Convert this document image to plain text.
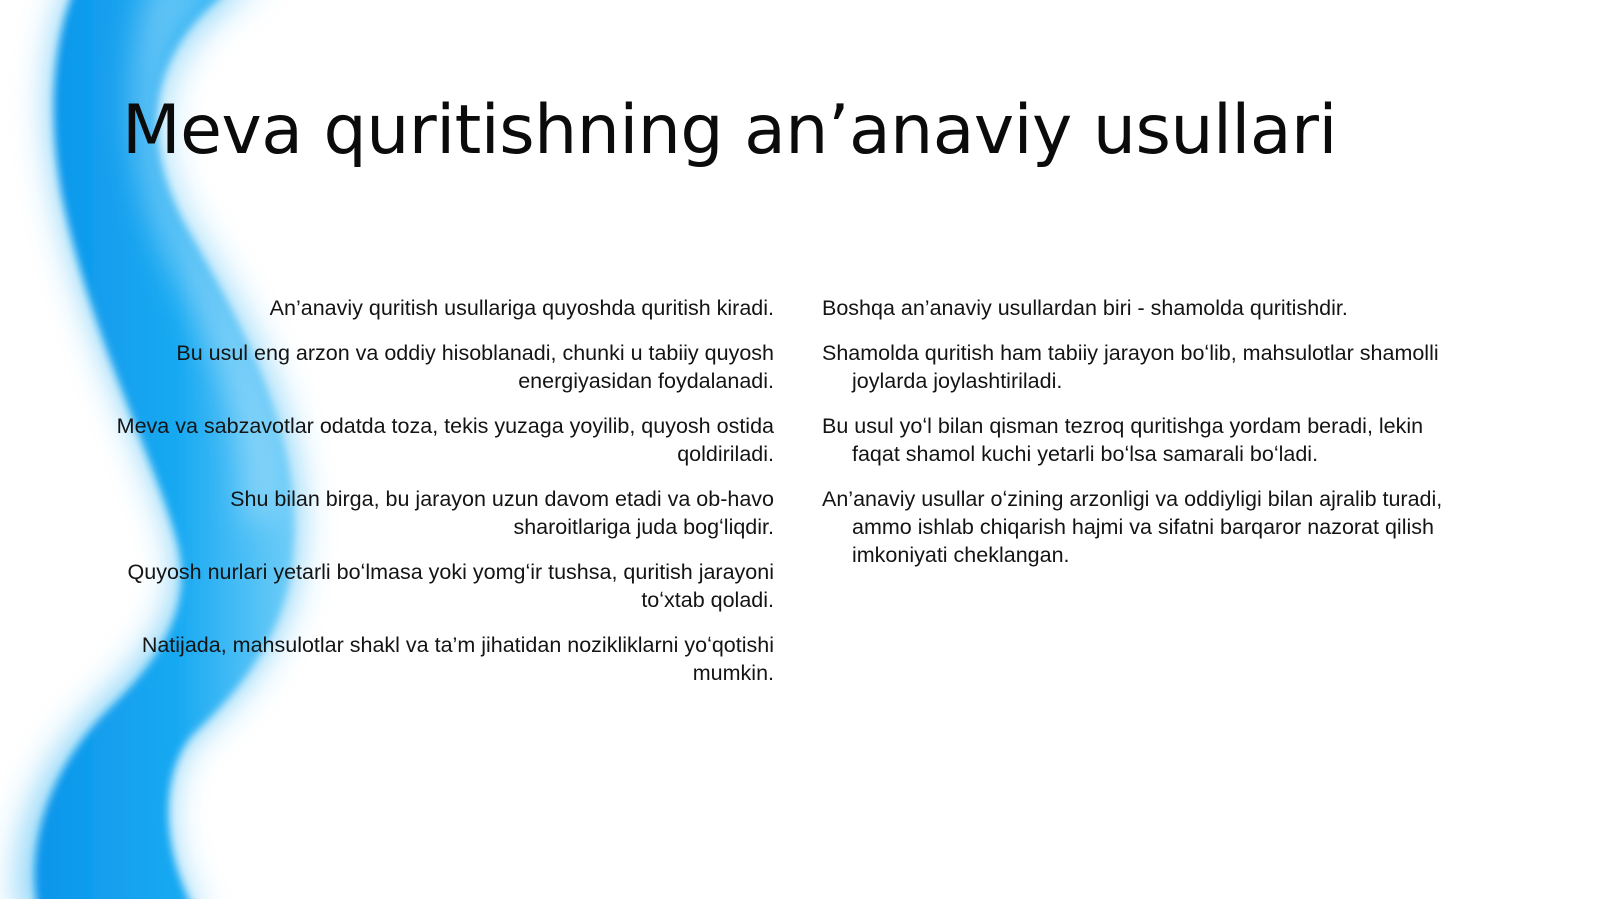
Meva quritishning an’anaviy usullari
An’anaviy quritish usullariga quyoshda quritish kiradi.
Bu usul eng arzon va oddiy hisoblanadi, chunki u tabiiy quyosh energiyasidan foydalanadi.
Meva va sabzavotlar odatda toza, tekis yuzaga yoyilib, quyosh ostida qoldiriladi.
Shu bilan birga, bu jarayon uzun davom etadi va ob-havo sharoitlariga juda bogʻliqdir.
Quyosh nurlari yetarli boʻlmasa yoki yomgʻir tushsa, quritish jarayoni toʻxtab qoladi.
Natijada, mahsulotlar shakl va ta’m jihatidan nozikliklarni yoʻqotishi mumkin.
Boshqa an’anaviy usullardan biri - shamolda quritishdir.
Shamolda quritish ham tabiiy jarayon boʻlib, mahsulotlar shamolli joylarda joylashtiriladi.
Bu usul yoʻl bilan qisman tezroq quritishga yordam beradi, lekin faqat shamol kuchi yetarli boʻlsa samarali boʻladi.
An’anaviy usullar oʻzining arzonligi va oddiyligi bilan ajralib turadi, ammo ishlab chiqarish hajmi va sifatni barqaror nazorat qilish imkoniyati cheklangan.
